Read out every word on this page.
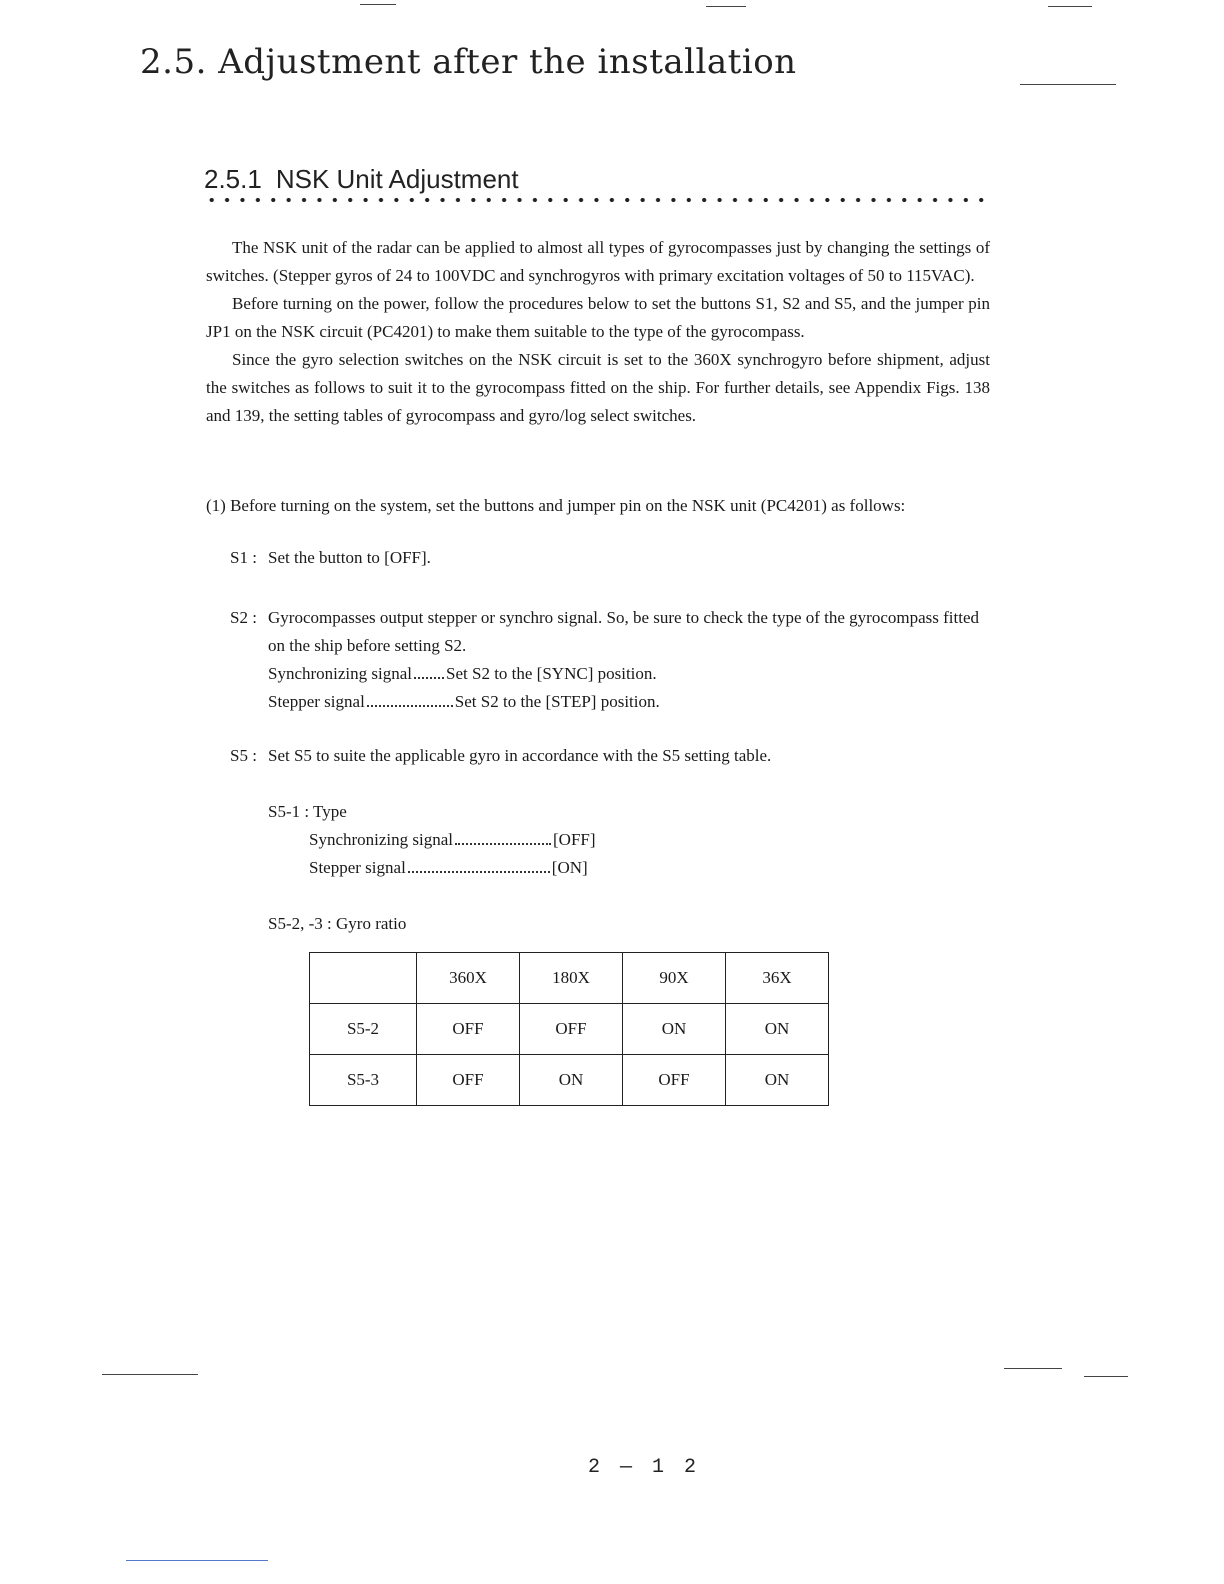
2.5. Adjustment after the installation
2.5.1 NSK Unit Adjustment

The NSK unit of the radar can be applied to almost all types of gyrocompasses just by changing the settings of switches. (Stepper gyros of 24 to 100VDC and synchrogyros with primary excitation voltages of 50 to 115VAC).

Before turning on the power, follow the procedures below to set the buttons S1, S2 and S5, and the jumper pin JP1 on the NSK circuit (PC4201) to make them suitable to the type of the gyrocompass.

Since the gyro selection switches on the NSK circuit is set to the 360X synchrogyro before shipment, adjust the switches as follows to suit it to the gyrocompass fitted on the ship. For further details, see Appendix Figs. 138 and 139, the setting tables of gyrocompass and gyro/log select switches.

(1) Before turning on the system, set the buttons and jumper pin on the NSK unit (PC4201) as follows:
S1 : Set the button to [OFF].
S2 : Gyrocompasses output stepper or synchro signal. So, be sure to check the type of the gyrocompass fitted on the ship before setting S2.
Synchronizing signal Set S2 to the [SYNC] position.
Stepper signal	Set S2 to the [STEP] position.
S5 : Set S5 to suite the applicable gyro in accordance with the S5 setting table.
S5-1 : Type
Synchronizing signal	[OFF]
Stepper signal	[ON]
S5-2, -3 : Gyro ratio
	360X	180X	90X	36X
S5-2	OFF	OFF	ON	ON
S5-3	OFF	ON	OFF	ON
2 — 1 2
